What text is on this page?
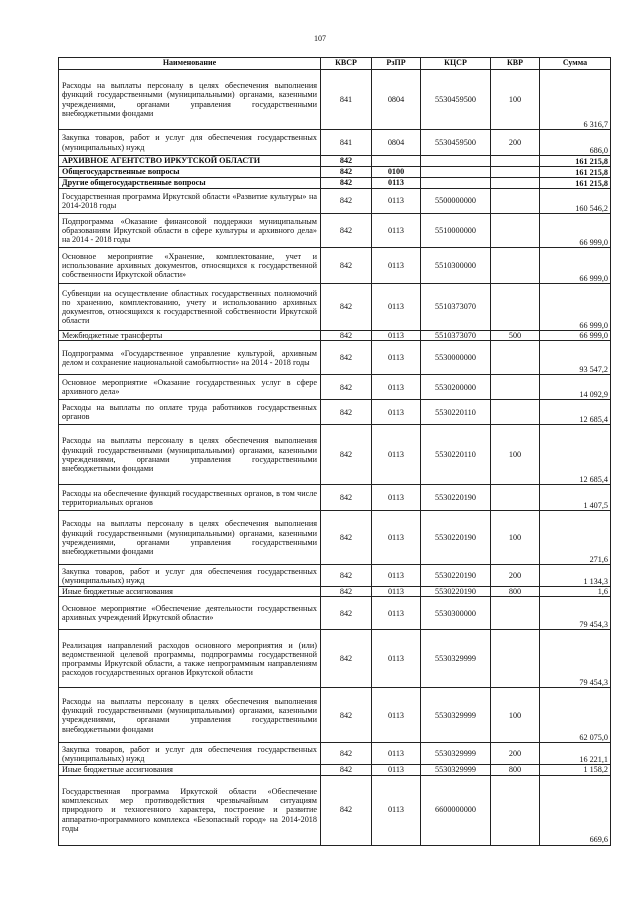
107
Наименование	КВСР	РзПР	КЦСР	КВР	Сумма
Расходы на выплаты персоналу в целях обеспечения выполнения функций государственными (муниципальными) органами, казенными учреждениями, органами управления государственными внебюджетными фондами	841	0804	5530459500	100	6 316,7
Закупка товаров, работ и услуг для обеспечения государственных (муниципальных) нужд	841	0804	5530459500	200	686,0
АРХИВНОЕ АГЕНТСТВО ИРКУТСКОЙ ОБЛАСТИ	842				161 215,8
Общегосударственные вопросы	842	0100			161 215,8
Другие общегосударственные вопросы	842	0113			161 215,8
Государственная программа Иркутской области «Развитие культуры» на 2014-2018 годы	842	0113	5500000000		160 546,2
Подпрограмма «Оказание финансовой поддержки муниципальным образованиям Иркутской области в сфере культуры и архивного дела» на 2014 - 2018 годы	842	0113	5510000000		66 999,0
Основное мероприятие «Хранение, комплектование, учет и использование архивных документов, относящихся к государственной собственности Иркутской области»	842	0113	5510300000		66 999,0
Субвенции на осуществление областных государственных полномочий по хранению, комплектованию, учету и использованию архивных документов, относящихся к государственной собственности Иркутской области	842	0113	5510373070		66 999,0
Межбюджетные трансферты	842	0113	5510373070	500	66 999,0
Подпрограмма «Государственное управление культурой, архивным делом и сохранение национальной самобытности» на 2014 - 2018 годы	842	0113	5530000000		93 547,2
Основное мероприятие «Оказание государственных услуг в сфере архивного дела»	842	0113	5530200000		14 092,9
Расходы на выплаты по оплате труда работников государственных органов	842	0113	5530220110		12 685,4
Расходы на выплаты персоналу в целях обеспечения выполнения функций государственными (муниципальными) органами, казенными учреждениями, органами управления государственными внебюджетными фондами	842	0113	5530220110	100	12 685,4
Расходы на обеспечение функций государственных органов, в том числе территориальных органов	842	0113	5530220190		1 407,5
Расходы на выплаты персоналу в целях обеспечения выполнения функций государственными (муниципальными) органами, казенными учреждениями, органами управления государственными внебюджетными фондами	842	0113	5530220190	100	271,6
Закупка товаров, работ и услуг для обеспечения государственных (муниципальных) нужд	842	0113	5530220190	200	1 134,3
Иные бюджетные ассигнования	842	0113	5530220190	800	1,6
Основное мероприятие «Обеспечение деятельности государственных архивных учреждений Иркутской области»	842	0113	5530300000		79 454,3
Реализация направлений расходов основного мероприятия и (или) ведомственной целевой программы, подпрограммы государственной программы Иркутской области, а также непрограммным направлениям расходов государственных органов Иркутской области	842	0113	5530329999		79 454,3
Расходы на выплаты персоналу в целях обеспечения выполнения функций государственными (муниципальными) органами, казенными учреждениями, органами управления государственными внебюджетными фондами	842	0113	5530329999	100	62 075,0
Закупка товаров, работ и услуг для обеспечения государственных (муниципальных) нужд	842	0113	5530329999	200	16 221,1
Иные бюджетные ассигнования	842	0113	5530329999	800	1 158,2
Государственная программа Иркутской области «Обеспечение комплексных мер противодействия чрезвычайным ситуациям природного и техногенного характера, построение и развитие аппаратно-программного комплекса «Безопасный город» на 2014-2018 годы	842	0113	6600000000		669,6
